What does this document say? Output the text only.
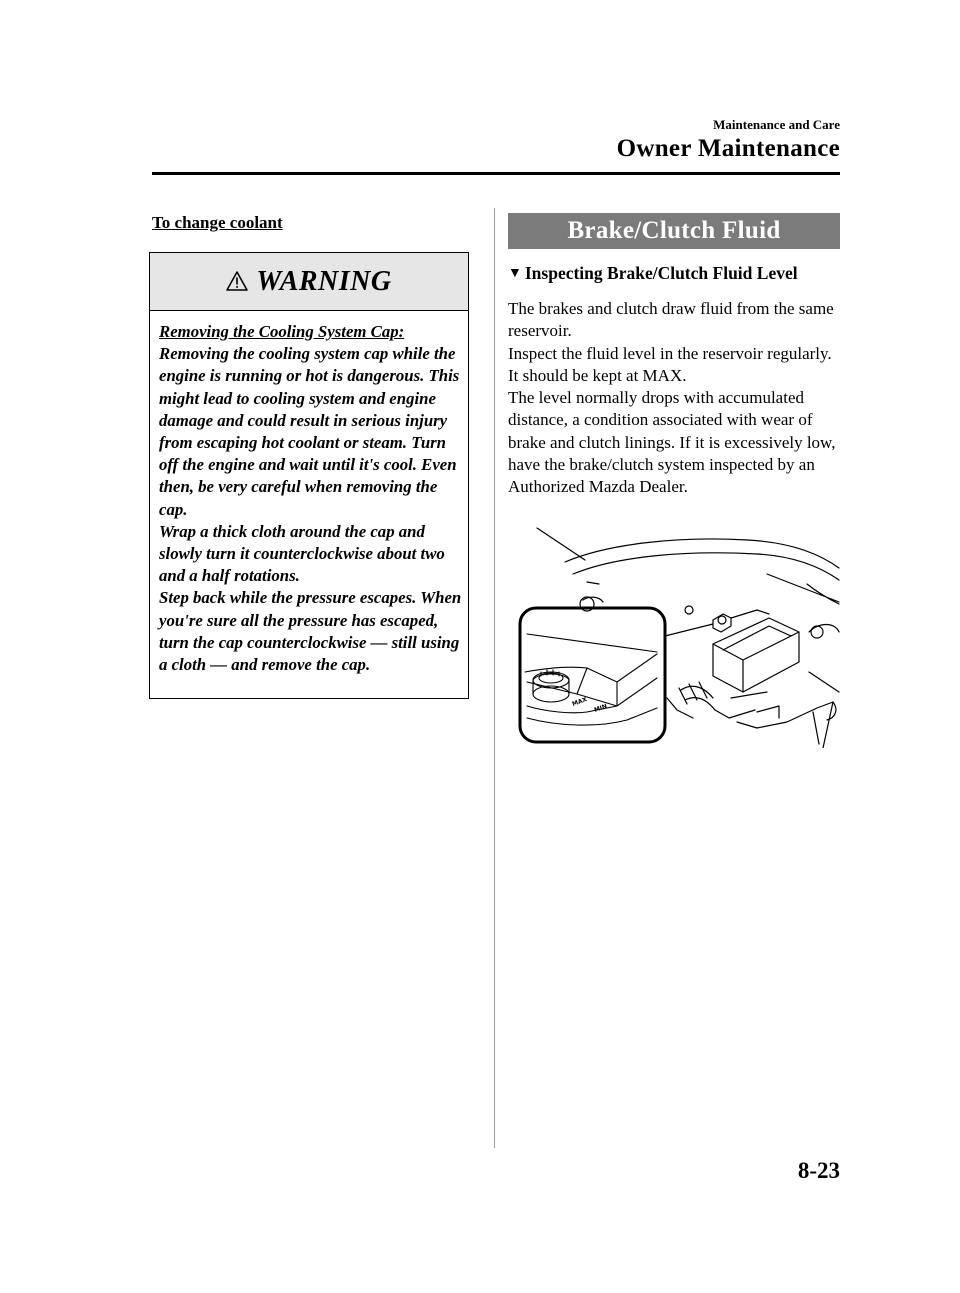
Maintenance and Care
Owner Maintenance
To change coolant
WARNING
Removing the Cooling System Cap:
Removing the cooling system cap while the engine is running or hot is dangerous. This might lead to cooling system and engine damage and could result in serious injury from escaping hot coolant or steam. Turn off the engine and wait until it's cool. Even then, be very careful when removing the cap.
Wrap a thick cloth around the cap and slowly turn it counterclockwise about two and a half rotations.
Step back while the pressure escapes. When you're sure all the pressure has escaped, turn the cap counterclockwise ― still using a cloth ― and remove the cap.
Brake/Clutch Fluid
▼ Inspecting Brake/Clutch Fluid Level
The brakes and clutch draw fluid from the same reservoir.
Inspect the fluid level in the reservoir regularly. It should be kept at MAX.
The level normally drops with accumulated distance, a condition associated with wear of brake and clutch linings. If it is excessively low, have the brake/clutch system inspected by an Authorized Mazda Dealer.
MAX
MIN
8-23
